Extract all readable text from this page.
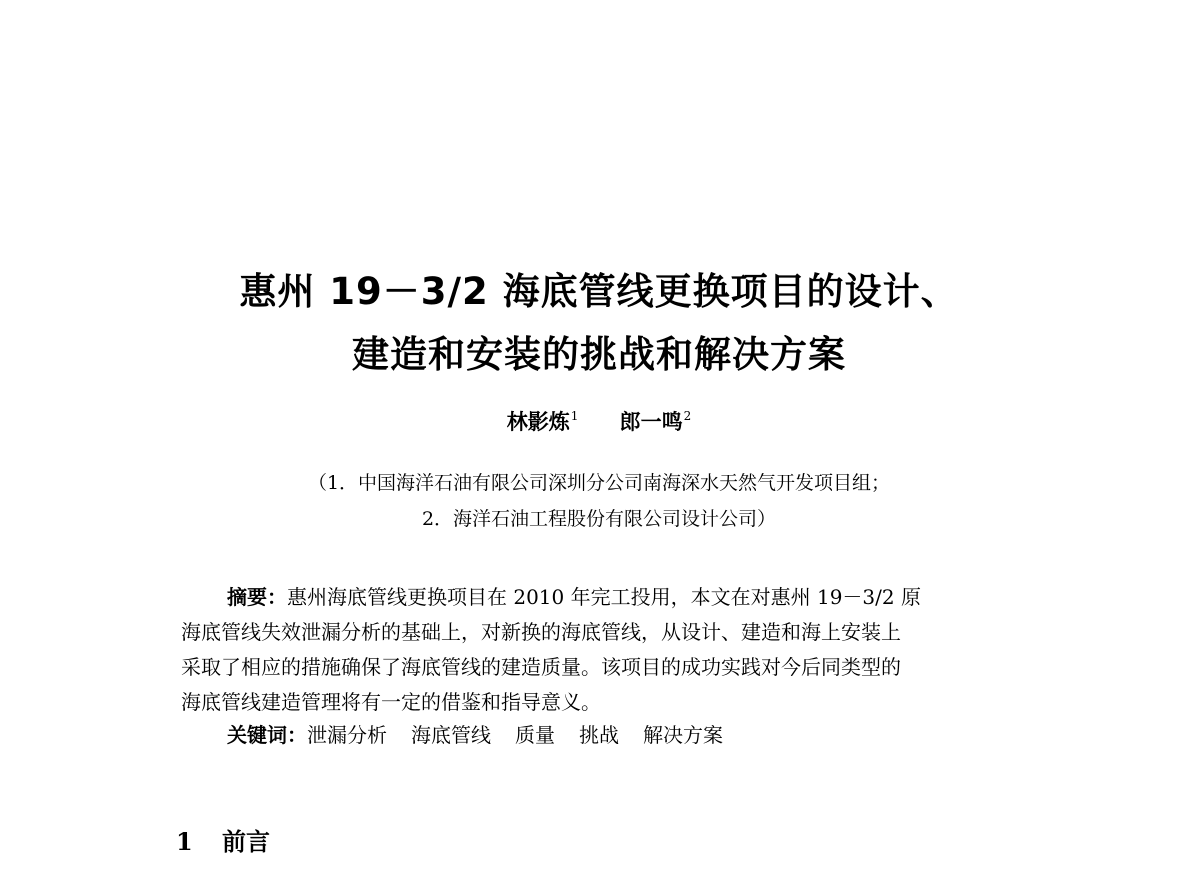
惠州 19－3/2 海底管线更换项目的设计、
建造和安装的挑战和解决方案
林影炼$^1$ 郎一鸣$^2$
（1．中国海洋石油有限公司深圳分公司南海深水天然气开发项目组；
2．海洋石油工程股份有限公司设计公司）
摘要：惠州海底管线更换项目在 2010 年完工投用，本文在对惠州 19－3/2 原
海底管线失效泄漏分析的基础上，对新换的海底管线，从设计、建造和海上安装上
采取了相应的措施确保了海底管线的建造质量。该项目的成功实践对今后同类型的
海底管线建造管理将有一定的借鉴和指导意义。
关键词：泄漏分析 海底管线 质量 挑战 解决方案
1 前言
